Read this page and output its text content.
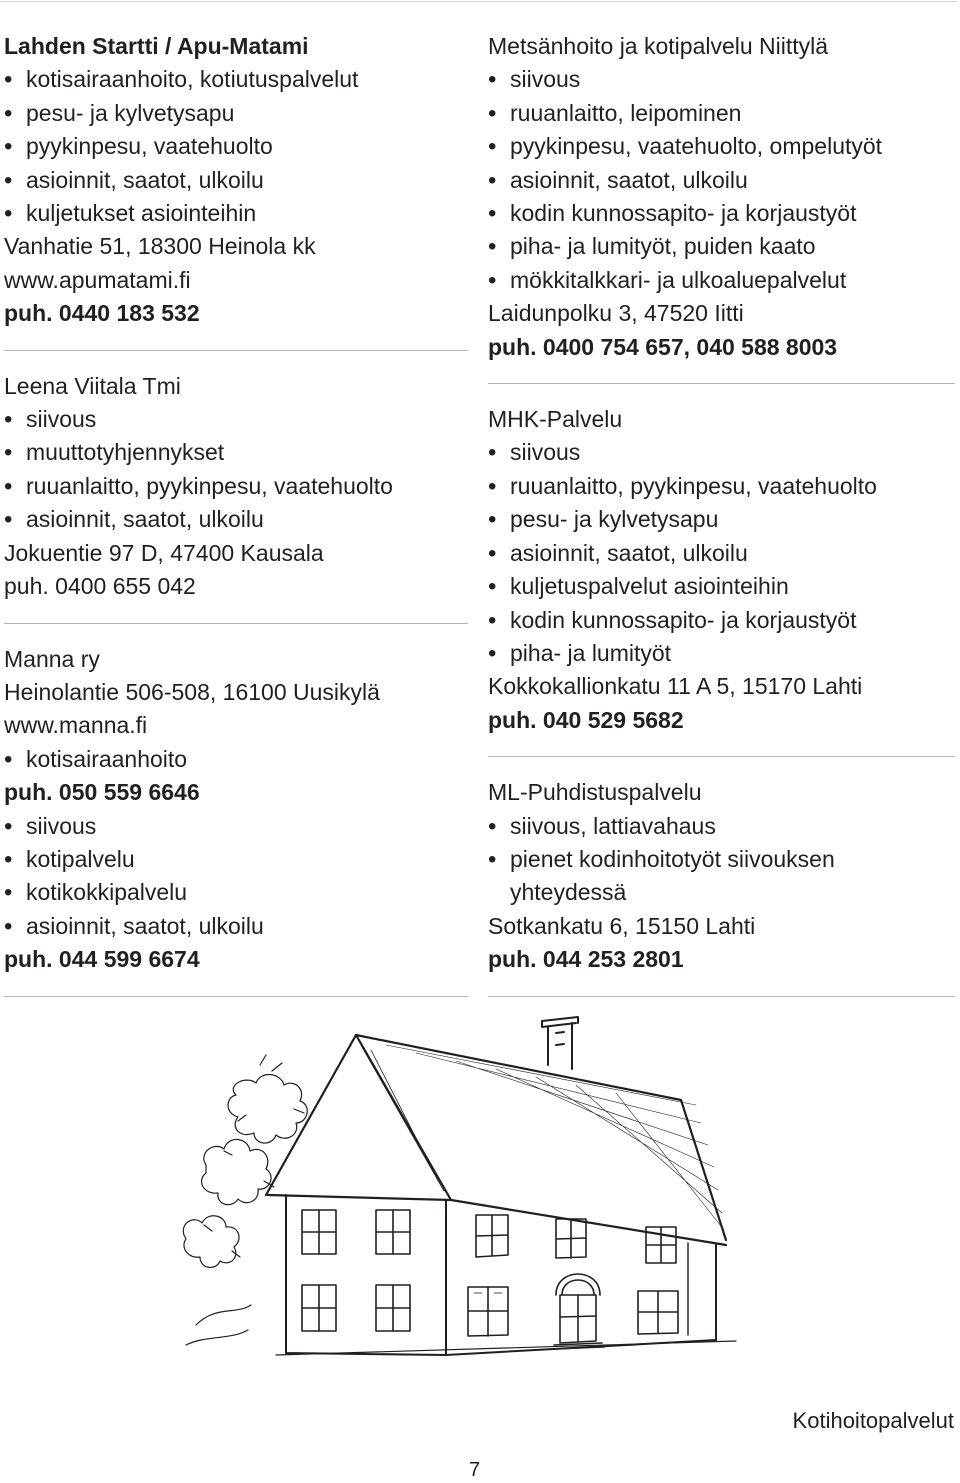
Lahden Startti / Apu-Matami
• kotisairaanhoito, kotiutuspalvelut
• pesu- ja kylvetysapu
• pyykinpesu, vaatehuolto
• asioinnit, saatot, ulkoilu
• kuljetukset asiointeihin
Vanhatie 51, 18300 Heinola kk
www.apumatami.fi
puh. 0440 183 532
Leena Viitala Tmi
• siivous
• muuttotyhjennykset
• ruuanlaitto, pyykinpesu, vaatehuolto
• asioinnit, saatot, ulkoilu
Jokuentie 97 D, 47400 Kausala
puh. 0400 655 042
Manna ry
Heinolantie 506-508, 16100 Uusikylä
www.manna.fi
• kotisairaanhoito
puh. 050 559 6646
• siivous
• kotipalvelu
• kotikokkipalvelu
• asioinnit, saatot, ulkoilu
puh. 044 599 6674
Metsänhoito ja kotipalvelu Niittylä
• siivous
• ruuanlaitto, leipominen
• pyykinpesu, vaatehuolto, ompelutyöt
• asioinnit, saatot, ulkoilu
• kodin kunnossapito- ja korjaustyöt
• piha- ja lumityöt, puiden kaato
• mökkitalkkari- ja ulkoaluepalvelut
Laidunpolku 3, 47520 Iitti
puh. 0400 754 657, 040 588 8003
MHK-Palvelu
• siivous
• ruuanlaitto, pyykinpesu, vaatehuolto
• pesu- ja kylvetysapu
• asioinnit, saatot, ulkoilu
• kuljetuspalvelut asiointeihin
• kodin kunnossapito- ja korjaustyöt
• piha- ja lumityöt
Kokkokallionkatu 11 A 5, 15170 Lahti
puh. 040 529 5682
ML-Puhdistuspalvelu
• siivous, lattiavahaus
• pienet kodinhoitotyöt siivouksen yhteydessä
Sotkankatu 6, 15150 Lahti
puh. 044 253 2801
Kotihoitopalvelut
7
